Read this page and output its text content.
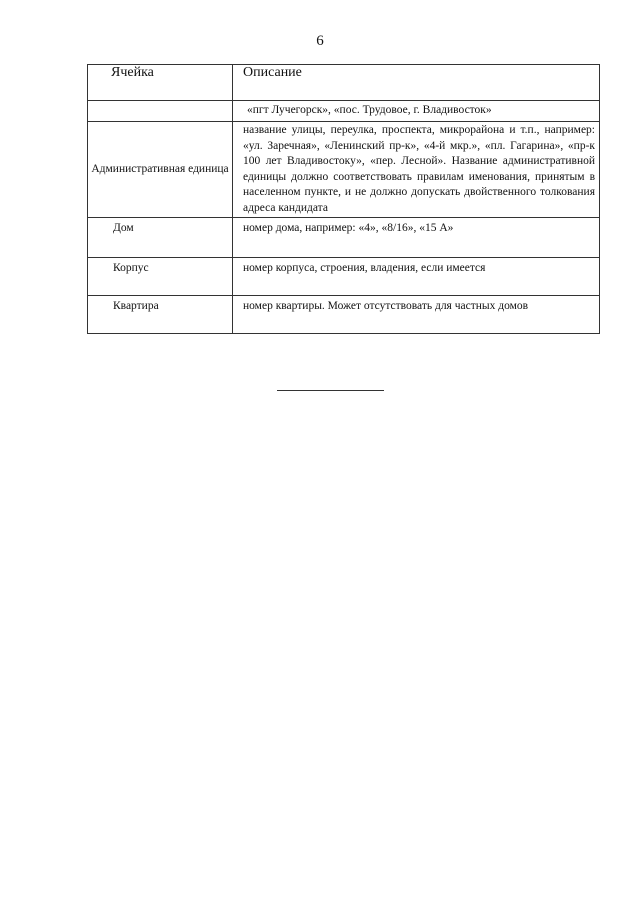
6
Ячейка	Описание
	«пгт Лучегорск», «пос. Трудовое, г. Владивосток»
Административная единица	название улицы, переулка, проспекта, микрорайона и т.п., например: «ул. Заречная», «Ленинский пр-к», «4-й мкр.», «пл. Гагарина», «пр-к 100 лет Владивостоку», «пер. Лесной». Название административной единицы должно соответствовать правилам именования, принятым в населенном пункте, и не должно допускать двойственного толкования адреса кандидата
Дом	номер дома, например: «4», «8/16», «15 А»
Корпус	номер корпуса, строения, владения, если имеется
Квартира	номер квартиры. Может отсутствовать для частных домов
